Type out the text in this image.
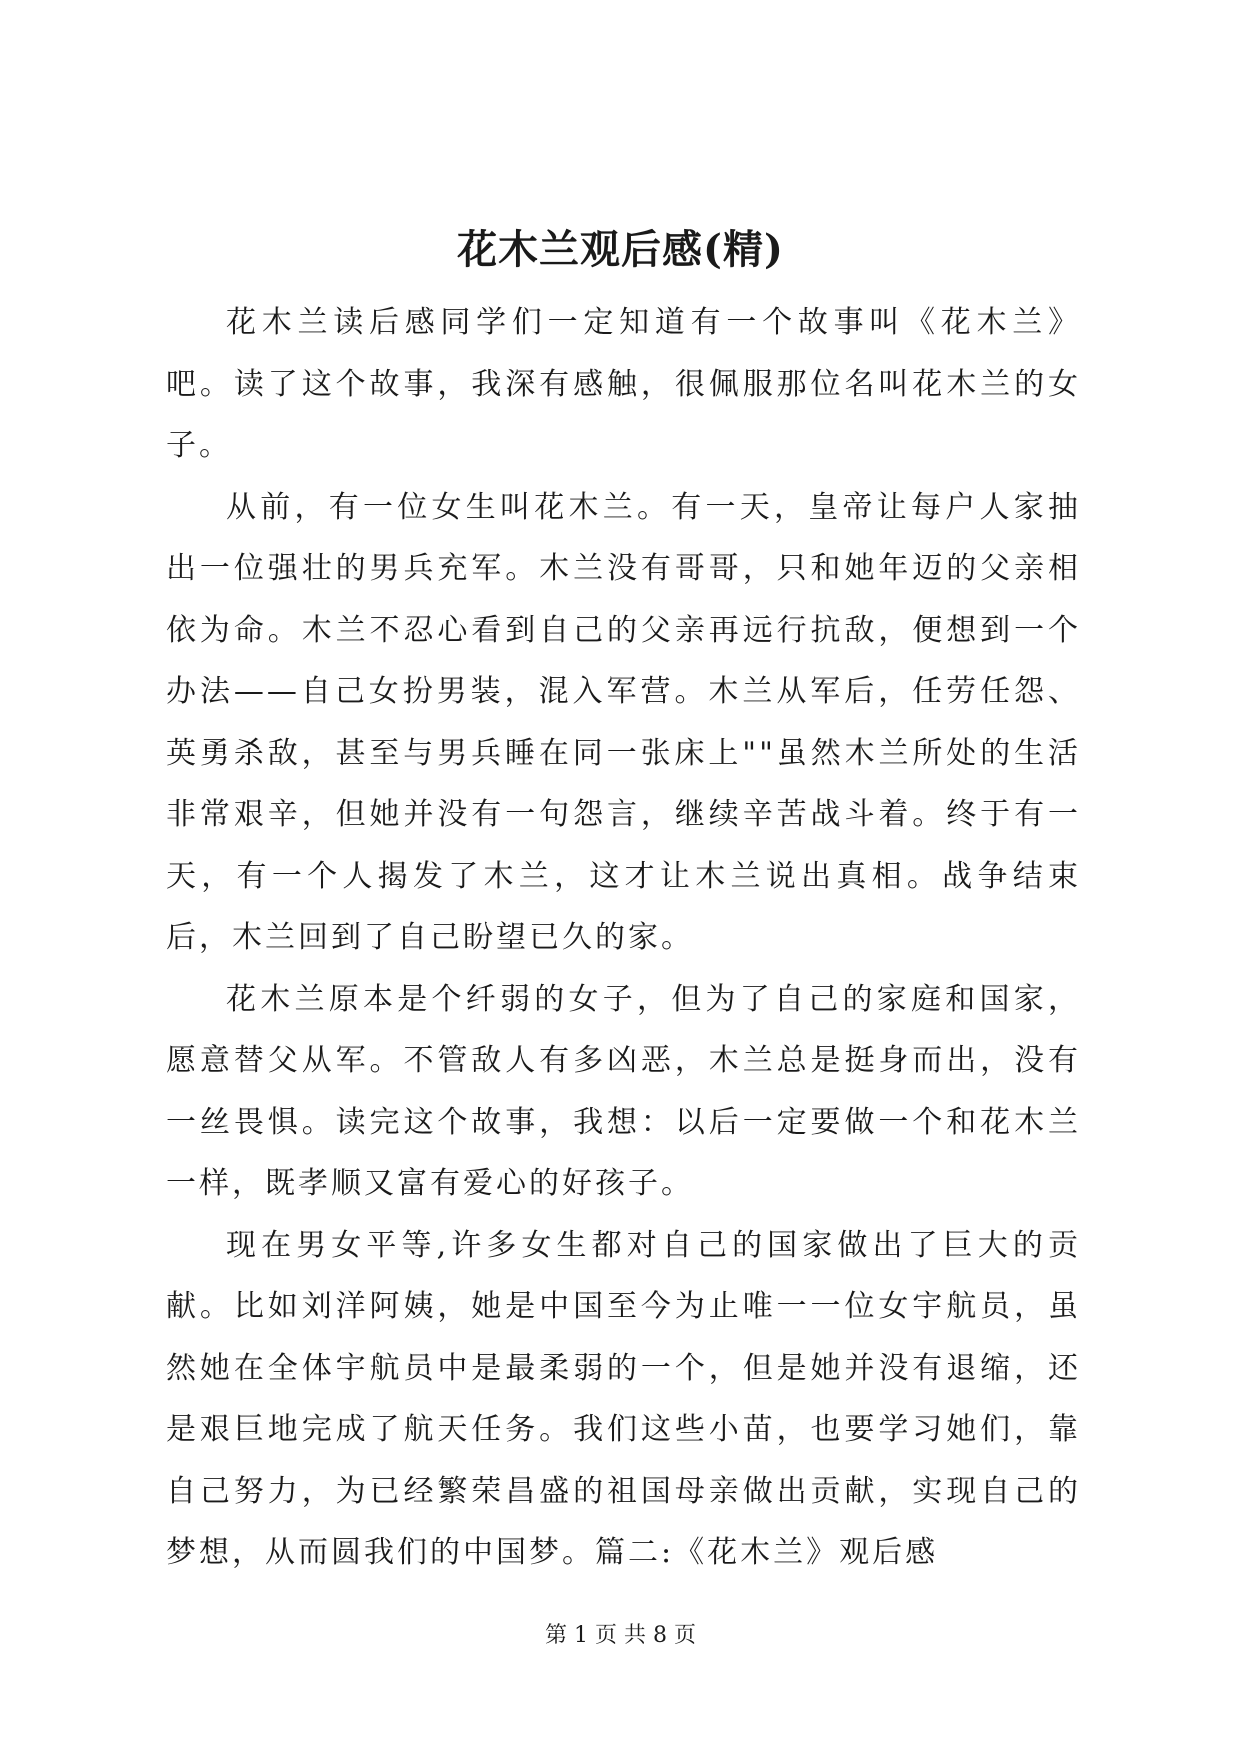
花木兰观后感(精)

花木兰读后感同学们一定知道有一个故事叫《花木兰》吧。读了这个故事，我深有感触，很佩服那位名叫花木兰的女子。

从前，有一位女生叫花木兰。有一天，皇帝让每户人家抽出一位强壮的男兵充军。木兰没有哥哥，只和她年迈的父亲相依为命。木兰不忍心看到自己的父亲再远行抗敌，便想到一个办法——自己女扮男装，混入军营。木兰从军后，任劳任怨、英勇杀敌，甚至与男兵睡在同一张床上""虽然木兰所处的生活非常艰辛，但她并没有一句怨言，继续辛苦战斗着。终于有一天，有一个人揭发了木兰，这才让木兰说出真相。战争结束后，木兰回到了自己盼望已久的家。

花木兰原本是个纤弱的女子，但为了自己的家庭和国家，愿意替父从军。不管敌人有多凶恶，木兰总是挺身而出，没有一丝畏惧。读完这个故事，我想：以后一定要做一个和花木兰一样，既孝顺又富有爱心的好孩子。

现在男女平等,许多女生都对自己的国家做出了巨大的贡献。比如刘洋阿姨，她是中国至今为止唯一一位女宇航员，虽然她在全体宇航员中是最柔弱的一个，但是她并没有退缩，还是艰巨地完成了航天任务。我们这些小苗，也要学习她们，靠自己努力，为已经繁荣昌盛的祖国母亲做出贡献，实现自己的梦想，从而圆我们的中国梦。篇二:《花木兰》观后感

第 1 页 共 8 页
